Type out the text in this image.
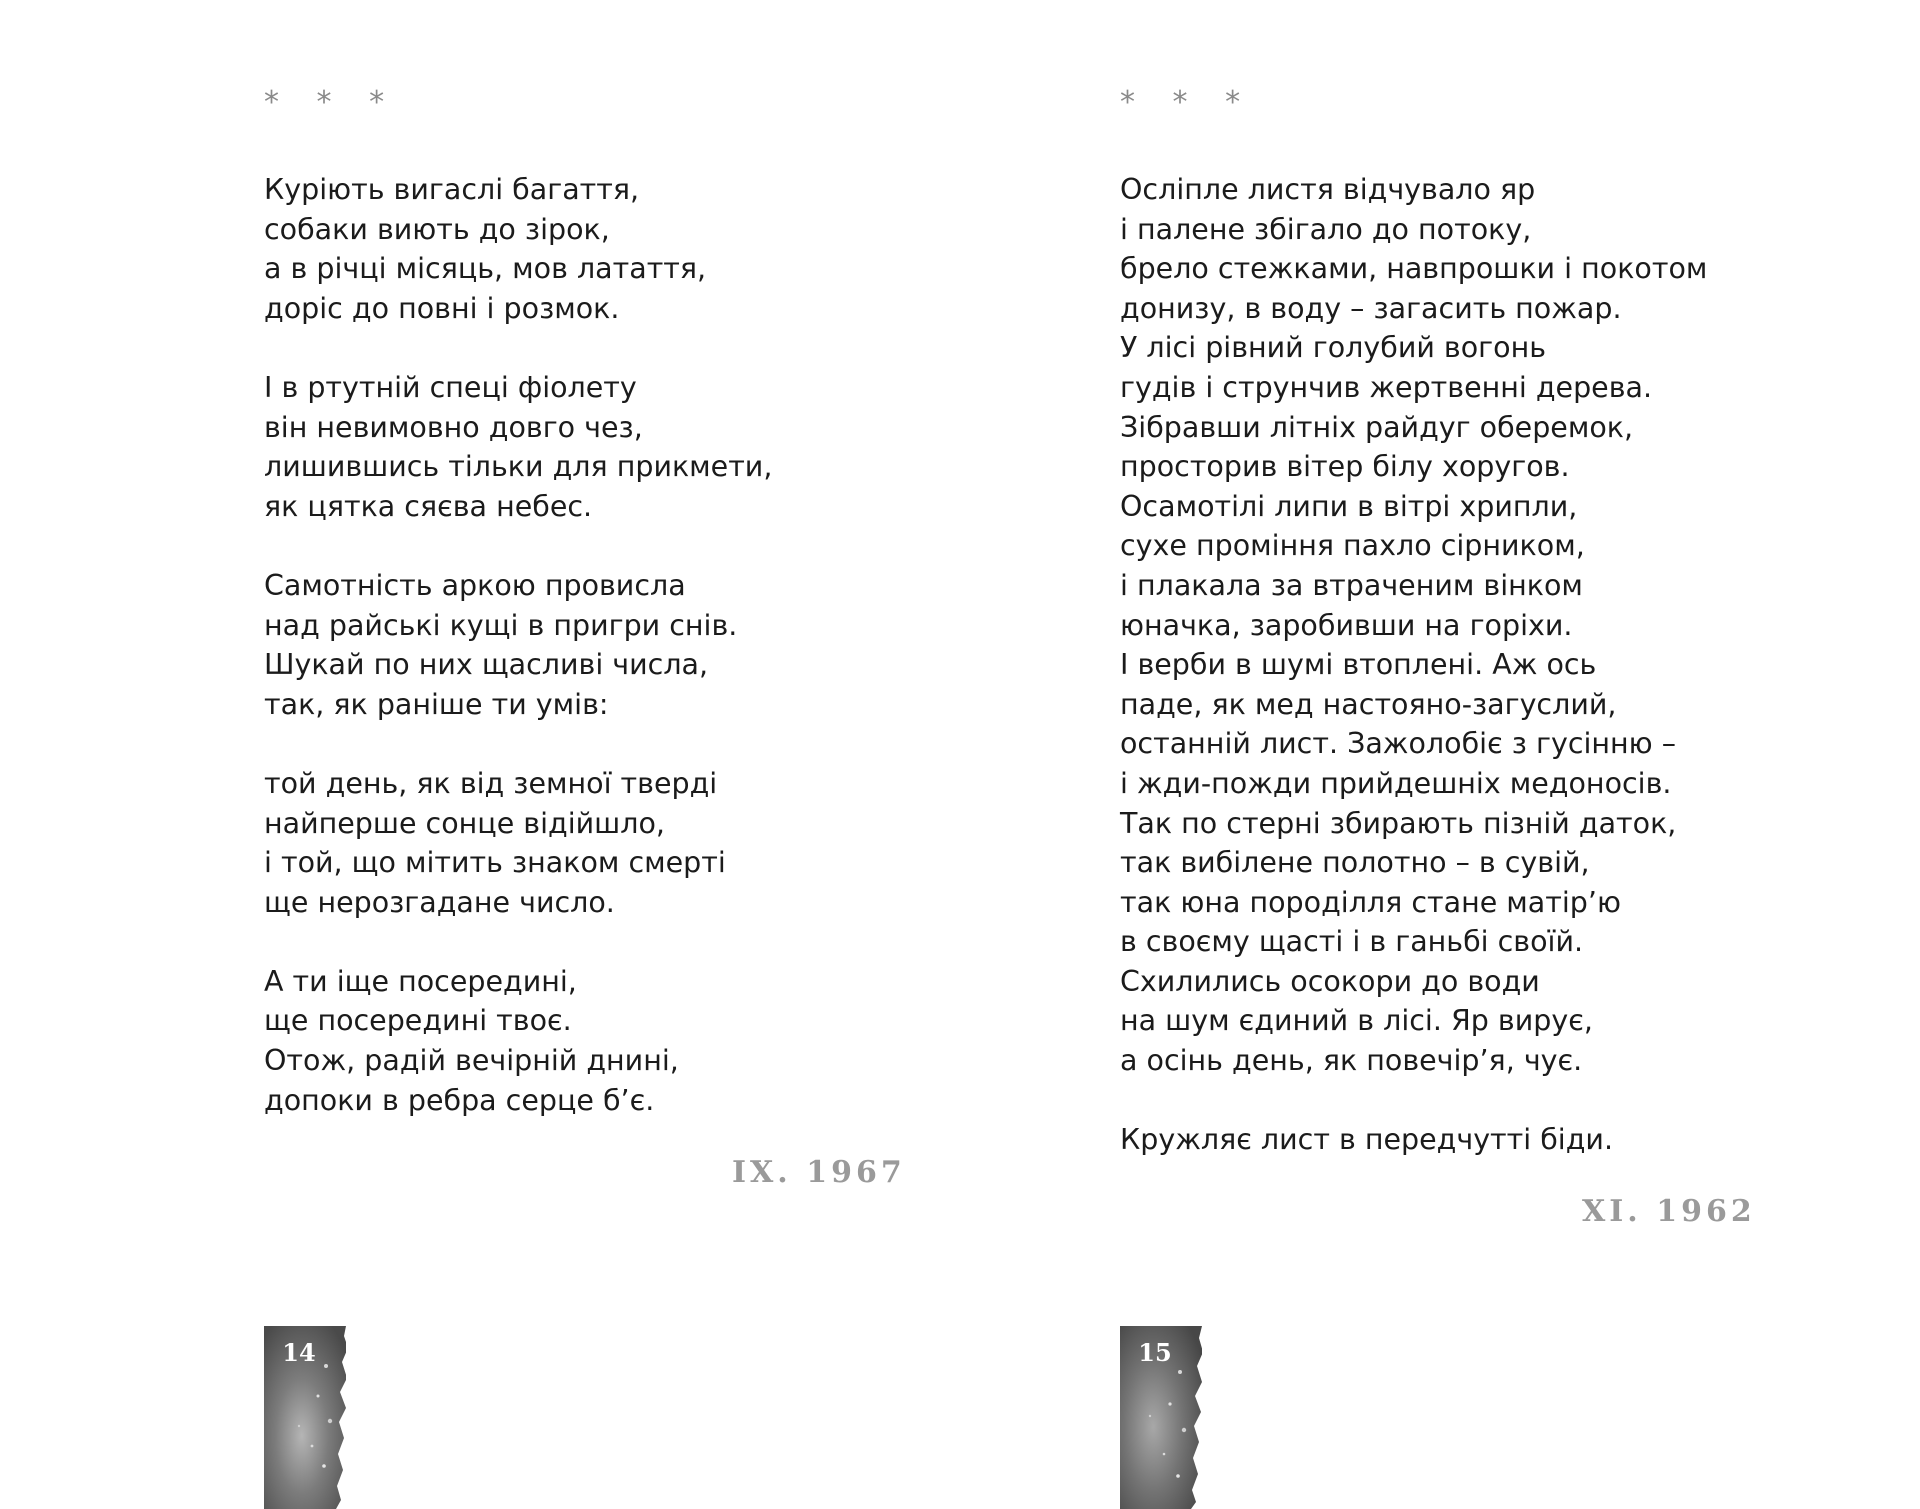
* * *
Куріють вигаслі багаття,
собаки виють до зірок,
а в річці місяць, мов латаття,
доріс до повні і розмок.
І в ртутній спеці фіолету
він невимовно довго чез,
лишившись тільки для прикмети,
як цятка сяєва небес.
Самотність аркою провисла
над райські кущі в пригри снів.
Шукай по них щасливі числа,
так, як раніше ти умів:
той день, як від земної тверді
найперше сонце відійшло,
і той, що мітить знаком смерті
ще нерозгадане число.
А ти іще посередині,
ще посередині твоє.
Отож, радій вечірній днині,
допоки в ребра серце б’є.
IX. 1967
14
* * *
Осліпле листя відчувало яр
і палене збігало до потоку,
брело стежками, навпрошки і покотом
донизу, в воду – загасить пожар.
У лісі рівний голубий вогонь
гудів і струнчив жертвенні дерева.
Зібравши літніх райдуг оберемок,
просторив вітер білу хоругов.
Осамотілі липи в вітрі хрипли,
сухе проміння пахло сірником,
і плакала за втраченим вінком
юначка, заробивши на горіхи.
І верби в шумі втоплені. Аж ось
паде, як мед настояно-загуслий,
останній лист. Зажолобіє з гусінню –
і жди-пожди прийдешніх медоносів.
Так по стерні збирають пізній даток,
так вибілене полотно – в сувій,
так юна породілля стане матір’ю
в своєму щасті і в ганьбі своїй.
Схилились осокори до води
на шум єдиний в лісі. Яр вирує,
а осінь день, як повечір’я, чує.
Кружляє лист в передчутті біди.
XI. 1962
15
